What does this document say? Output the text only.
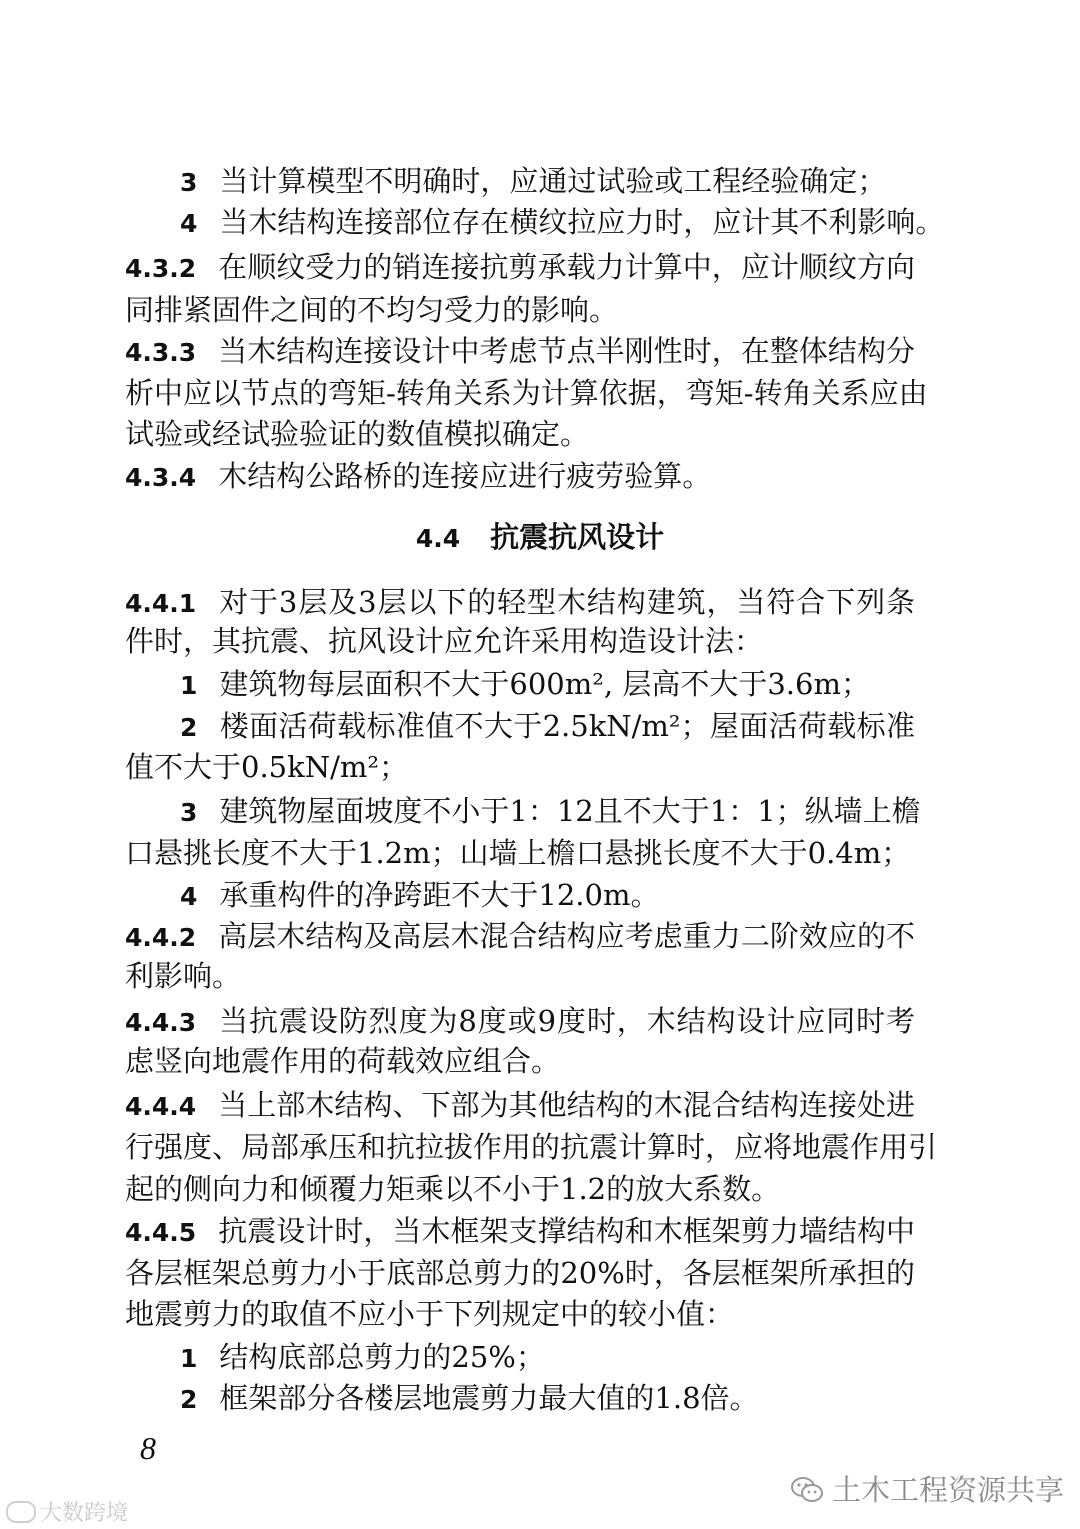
3 当计算模型不明确时，应通过试验或工程经验确定；
4 当木结构连接部位存在横纹拉应力时，应计其不利影响。
4.3.2 在顺纹受力的销连接抗剪承载力计算中，应计顺纹方向
同排紧固件之间的不均匀受力的影响。
4.3.3 当木结构连接设计中考虑节点半刚性时，在整体结构分
析中应以节点的弯矩-转角关系为计算依据，弯矩-转角关系应由
试验或经试验验证的数值模拟确定。
4.3.4 木结构公路桥的连接应进行疲劳验算。
4.4 抗震抗风设计
4.4.1 对于3层及3层以下的轻型木结构建筑，当符合下列条
件时，其抗震、抗风设计应允许采用构造设计法：
1 建筑物每层面积不大于600m², 层高不大于3.6m；
2 楼面活荷载标准值不大于2.5kN/m²；屋面活荷载标准
值不大于0.5kN/m²；
3 建筑物屋面坡度不小于1：12且不大于1：1；纵墙上檐
口悬挑长度不大于1.2m；山墙上檐口悬挑长度不大于0.4m；
4 承重构件的净跨距不大于12.0m。
4.4.2 高层木结构及高层木混合结构应考虑重力二阶效应的不
利影响。
4.4.3 当抗震设防烈度为8度或9度时，木结构设计应同时考
虑竖向地震作用的荷载效应组合。
4.4.4 当上部木结构、下部为其他结构的木混合结构连接处进
行强度、局部承压和抗拉拔作用的抗震计算时，应将地震作用引
起的侧向力和倾覆力矩乘以不小于1.2的放大系数。
4.4.5 抗震设计时，当木框架支撑结构和木框架剪力墙结构中
各层框架总剪力小于底部总剪力的20%时，各层框架所承担的
地震剪力的取值不应小于下列规定中的较小值：
1 结构底部总剪力的25%；
2 框架部分各楼层地震剪力最大值的1.8倍。
8
大数跨境
土木工程资源共享
